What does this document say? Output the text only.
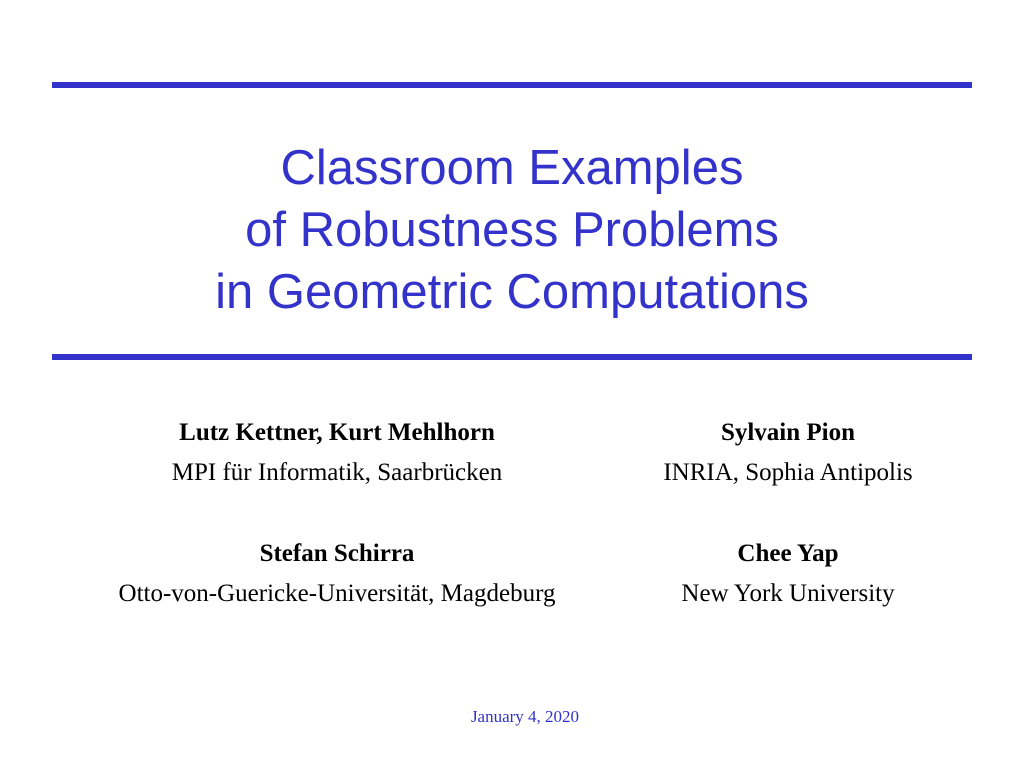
Classroom Examples
of Robustness Problems
in Geometric Computations
Lutz Kettner, Kurt Mehlhorn
MPI für Informatik, Saarbrücken
Sylvain Pion
INRIA, Sophia Antipolis
Stefan Schirra
Otto-von-Guericke-Universität, Magdeburg
Chee Yap
New York University
January 4, 2020
